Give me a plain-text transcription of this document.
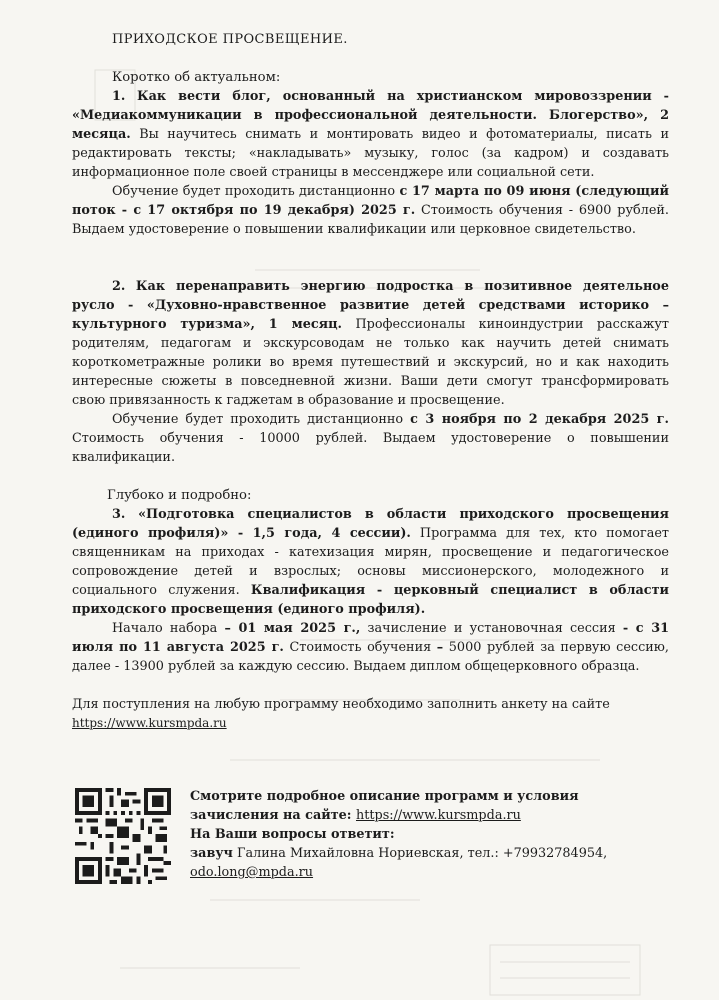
ПРИХОДСКОЕ ПРОСВЕЩЕНИЕ.
Коротко об актуальном:

1. Как вести блог, основанный на христианском мировоззрении - «Медиакоммуникации в профессиональной деятельности. Блогерство», 2 месяца. Вы научитесь снимать и монтировать видео и фотоматериалы, писать и редактировать тексты; «накладывать» музыку, голос (за кадром) и создавать информационное поле своей страницы в мессенджере или социальной сети.

Обучение будет проходить дистанционно с 17 марта по 09 июня (следующий поток - с 17 октября по 19 декабря) 2025 г. Стоимость обучения - 6900 рублей. Выдаем удостоверение о повышении квалификации или церковное свидетельство.

2. Как перенаправить энергию подростка в позитивное деятельное русло - «Духовно-нравственное развитие детей средствами историко – культурного туризма», 1 месяц. Профессионалы киноиндустрии расскажут родителям, педагогам и экскурсоводам не только как научить детей снимать короткометражные ролики во время путешествий и экскурсий, но и как находить интересные сюжеты в повседневной жизни. Ваши дети смогут трансформировать свою привязанность к гаджетам в образование и просвещение.

Обучение будет проходить дистанционно с 3 ноября по 2 декабря 2025 г. Стоимость обучения - 10000 рублей. Выдаем удостоверение о повышении квалификации.

Глубоко и подробно:

3. «Подготовка специалистов в области приходского просвещения (единого профиля)» - 1,5 года, 4 сессии). Программа для тех, кто помогает священникам на приходах - катехизация мирян, просвещение и педагогическое сопровождение детей и взрослых; основы миссионерского, молодежного и социального служения. Квалификация - церковный специалист в области приходского просвещения (единого профиля).

Начало набора – 01 мая 2025 г., зачисление и установочная сессия - с 31 июля по 11 августа 2025 г. Стоимость обучения – 5000 рублей за первую сессию, далее - 13900 рублей за каждую сессию. Выдаем диплом общецерковного образца.

Для поступления на любую программу необходимо заполнить анкету на сайте
https://www.kursmpda.ru
Смотрите подробное описание программ и условия зачисления на сайте: https://www.kursmpda.ru
На Ваши вопросы ответит:
завуч Галина Михайловна Нориевская, тел.: +79932784954,
odo.long@mpda.ru
